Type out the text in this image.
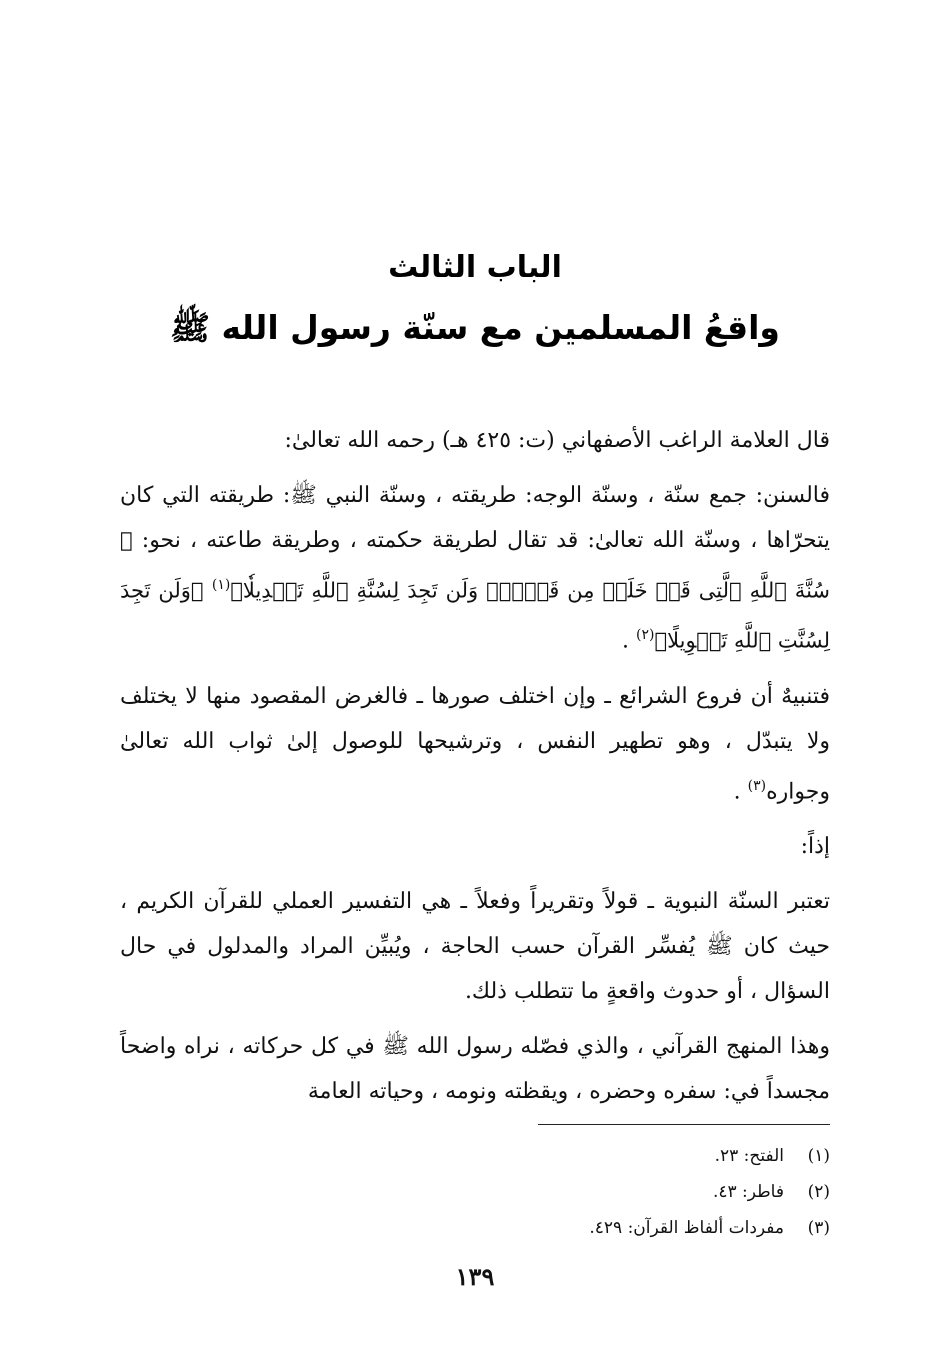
الباب الثالث
واقعُ المسلمين مع سنّة رسول الله ﷺ

قال العلامة الراغب الأصفهاني (ت: ٤٢٥ هـ) رحمه الله تعالىٰ:

فالسنن: جمع سنّة ، وسنّة الوجه: طريقته ، وسنّة النبي ﷺ: طريقته التي كان يتحرّاها ، وسنّة الله تعالىٰ: قد تقال لطريقة حكمته ، وطريقة طاعته ، نحو: ﴿ سُنَّةَ ٱللَّهِ ٱلَّتِى قَدۡ خَلَتۡ مِن قَبۡلُۖ وَلَن تَجِدَ لِسُنَّةِ ٱللَّهِ تَبۡدِيلٗا﴾$^{(١)}$ ﴿وَلَن تَجِدَ لِسُنَّتِ ٱللَّهِ تَحۡوِيلًا﴾$^{(٢)}$ .

فتنبيهٌ أن فروع الشرائع ـ وإن اختلف صورها ـ فالغرض المقصود منها لا يختلف ولا يتبدّل ، وهو تطهير النفس ، وترشيحها للوصول إلىٰ ثواب الله تعالىٰ وجواره$^{(٣)}$ .

إذاً:

تعتبر السنّة النبوية ـ قولاً وتقريراً وفعلاً ـ هي التفسير العملي للقرآن الكريم ، حيث كان ﷺ يُفسِّر القرآن حسب الحاجة ، ويُبيِّن المراد والمدلول في حال السؤال ، أو حدوث واقعةٍ ما تتطلب ذلك.

وهذا المنهج القرآني ، والذي فصّله رسول الله ﷺ في كل حركاته ، نراه واضحاً مجسداً في: سفره وحضره ، ويقظته ونومه ، وحياته العامة

(١)
الفتح: ٢٣.
(٢)
فاطر: ٤٣.
(٣)
مفردات ألفاظ القرآن: ٤٢٩.
١٣٩
